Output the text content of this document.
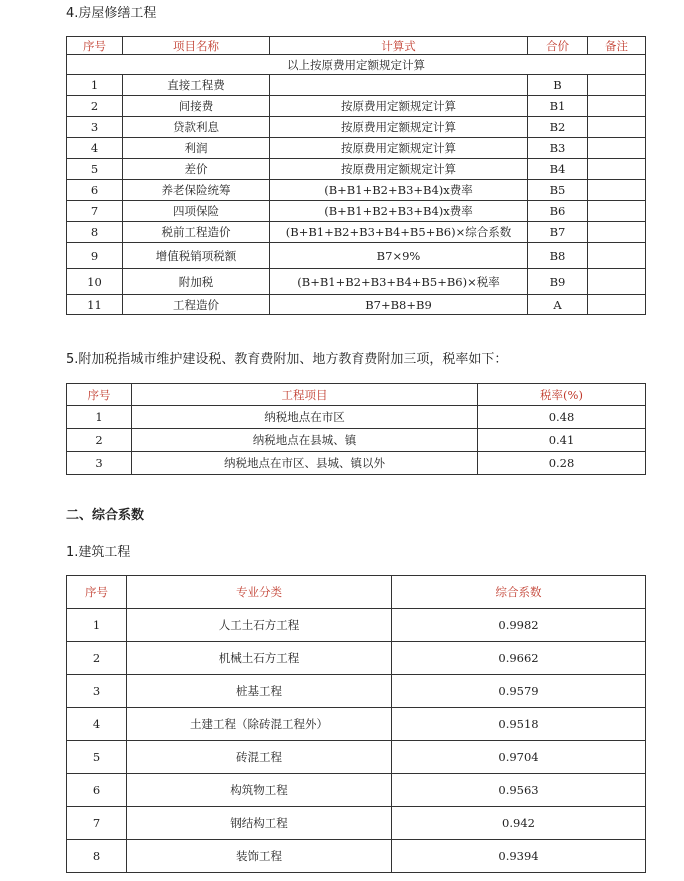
4.房屋修缮工程
序号	项目名称	计算式	合价	备注
以上按原费用定额规定计算				
1	直接工程费		B	
2	间接费	按原费用定额规定计算	B1	
3	贷款利息	按原费用定额规定计算	B2	
4	利润	按原费用定额规定计算	B3	
5	差价	按原费用定额规定计算	B4	
6	养老保险统筹	(B+B1+B2+B3+B4)x费率	B5	
7	四项保险	(B+B1+B2+B3+B4)x费率	B6	
8	税前工程造价	(B+B1+B2+B3+B4+B5+B6)×综合系数	B7	
9	增值税销项税额	B7×9%	B8	
10	附加税	(B+B1+B2+B3+B4+B5+B6)×税率	B9	
11	工程造价	B7+B8+B9	A	
5.附加税指城市维护建设税、教育费附加、地方教育费附加三项，税率如下：
序号	工程项目	税率(%)
1	纳税地点在市区	0.48
2	纳税地点在县城、镇	0.41
3	纳税地点在市区、县城、镇以外	0.28
二、综合系数
1.建筑工程
序号	专业分类	综合系数
1	人工土石方工程	0.9982
2	机械土石方工程	0.9662
3	桩基工程	0.9579
4	土建工程（除砖混工程外）	0.9518
5	砖混工程	0.9704
6	构筑物工程	0.9563
7	钢结构工程	0.942
8	装饰工程	0.9394
